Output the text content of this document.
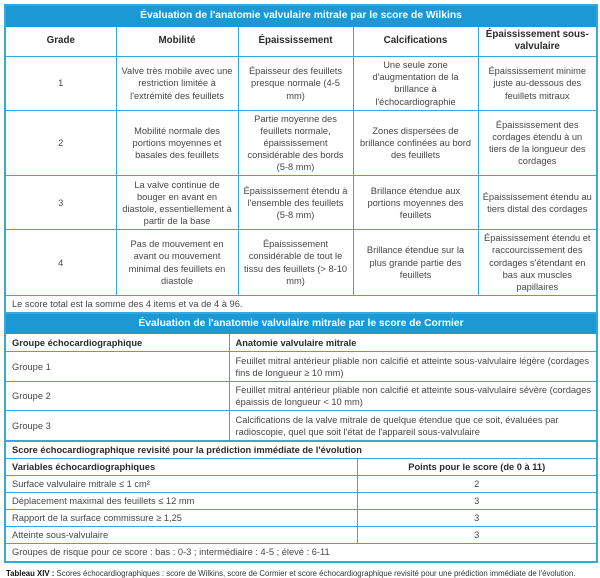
Évaluation de l'anatomie valvulaire mitrale par le score de Wilkins				
Grade	Mobilité	Épaississement	Calcifications	Épaississement sous-valvulaire
1	Valve très mobile avec une restriction limitée à l'extrémité des feuillets	Épaisseur des feuillets presque normale (4-5 mm)	Une seule zone d'augmentation de la brillance à l'échocardiographie	Épaississement minime juste au-dessous des feuillets mitraux
2	Mobilité normale des portions moyennes et basales des feuillets	Partie moyenne des feuillets normale, épaississement considérable des bords (5-8 mm)	Zones dispersées de brillance confinées au bord des feuillets	Épaississement des cordages étendu à un tiers de la longueur des cordages
3	La valve continue de bouger en avant en diastole, essentiellement à partir de la base	Épaississement étendu à l'ensemble des feuillets (5-8 mm)	Brillance étendue aux portions moyennes des feuillets	Épaississement étendu au tiers distal des cordages
4	Pas de mouvement en avant ou mouvement minimal des feuillets en diastole	Épaississement considérable de tout le tissu des feuillets (> 8-10 mm)	Brillance étendue sur la plus grande partie des feuillets	Épaississement étendu et raccourcissement des cordages s'étendant en bas aux muscles papillaires
Le score total est la somme des 4 items et va de 4 à 96.				
Évaluation de l'anatomie valvulaire mitrale par le score de Cormier	
Groupe échocardiographique	Anatomie valvulaire mitrale
Groupe 1	Feuillet mitral antérieur pliable non calcifié et atteinte sous-valvulaire légère (cordages fins de longueur ≥ 10 mm)
Groupe 2	Feuillet mitral antérieur pliable non calcifié et atteinte sous-valvulaire sévère (cordages épaissis de longueur < 10 mm)
Groupe 3	Calcifications de la valve mitrale de quelque étendue que ce soit, évaluées par radioscopie, quel que soit l'état de l'appareil sous-valvulaire
Score échocardiographique revisité pour la prédiction immédiate de l'évolution	
Variables échocardiographiques	Points pour le score (de 0 à 11)
Surface valvulaire mitrale ≤ 1 cm²	2
Déplacement maximal des feuillets ≤ 12 mm	3
Rapport de la surface commissure ≥ 1,25	3
Atteinte sous-valvulaire	3
Groupes de risque pour ce score : bas : 0-3 ; intermédiaire : 4-5 ; élevé : 6-11	
Tableau XIV : Scores échocardiographiques : score de Wilkins, score de Cormier et score échocardiographique revisité pour une prédiction immédiate de l'évolution.
